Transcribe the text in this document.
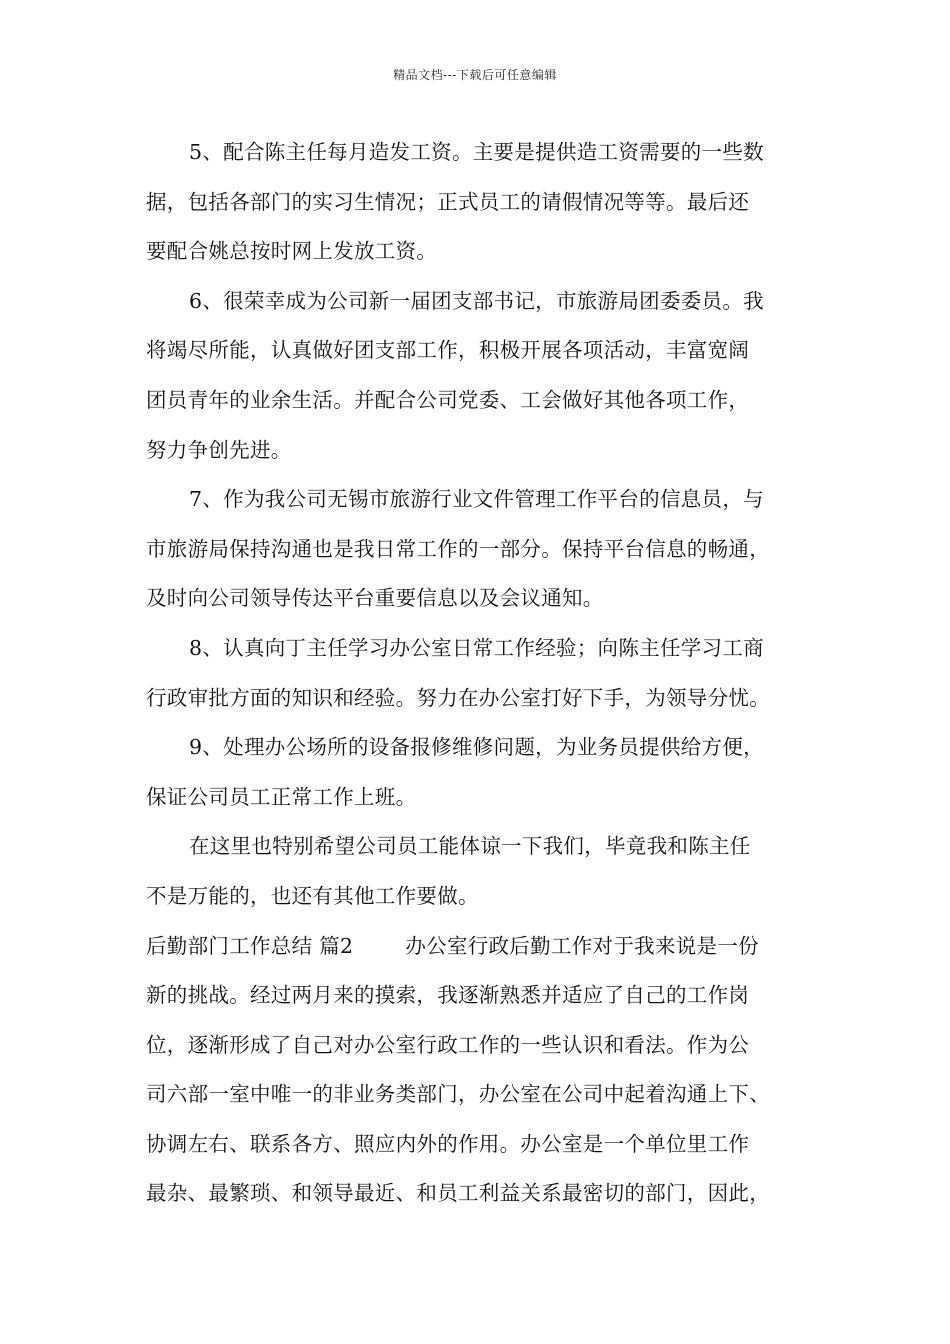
精品文档---下载后可任意编辑
5、配合陈主任每月造发工资。主要是提供造工资需要的一些数
据，包括各部门的实习生情况；正式员工的请假情况等等。最后还
要配合姚总按时网上发放工资。
6、很荣幸成为公司新一届团支部书记，市旅游局团委委员。我
将竭尽所能，认真做好团支部工作，积极开展各项活动，丰富宽阔
团员青年的业余生活。并配合公司党委、工会做好其他各项工作，
努力争创先进。
7、作为我公司无锡市旅游行业文件管理工作平台的信息员，与
市旅游局保持沟通也是我日常工作的一部分。保持平台信息的畅通，
及时向公司领导传达平台重要信息以及会议通知。
8、认真向丁主任学习办公室日常工作经验；向陈主任学习工商
行政审批方面的知识和经验。努力在办公室打好下手，为领导分忧。
9、处理办公场所的设备报修维修问题，为业务员提供给方便，
保证公司员工正常工作上班。
在这里也特别希望公司员工能体谅一下我们，毕竟我和陈主任
不是万能的，也还有其他工作要做。
后勤部门工作总结 篇2	办公室行政后勤工作对于我来说是一份
新的挑战。经过两月来的摸索，我逐渐熟悉并适应了自己的工作岗
位，逐渐形成了自己对办公室行政工作的一些认识和看法。作为公
司六部一室中唯一的非业务类部门，办公室在公司中起着沟通上下、
协调左右、联系各方、照应内外的作用。办公室是一个单位里工作
最杂、最繁琐、和领导最近、和员工利益关系最密切的部门，因此，
